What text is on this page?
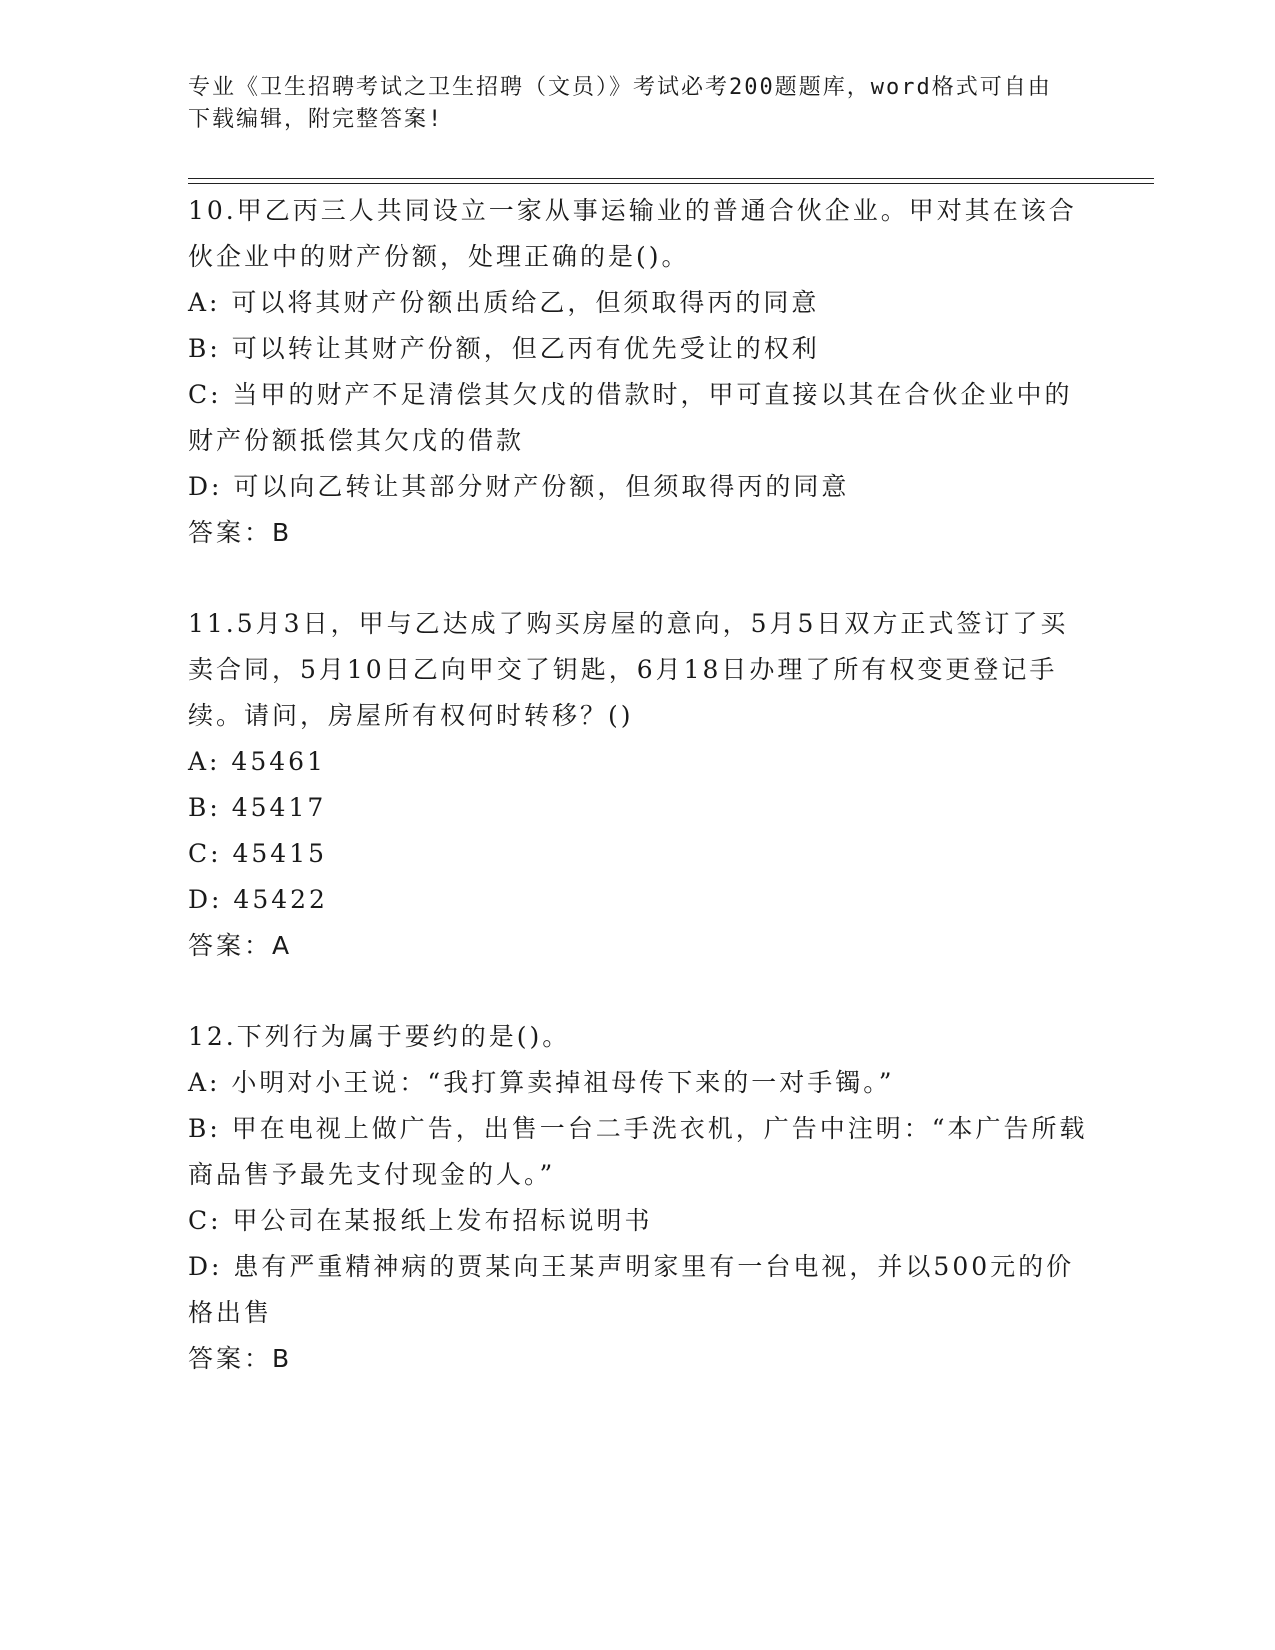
专业《卫生招聘考试之卫生招聘（文员）》考试必考200题题库，word格式可自由下载编辑，附完整答案!

10.甲乙丙三人共同设立一家从事运输业的普通合伙企业。甲对其在该合伙企业中的财产份额，处理正确的是()。

A: 可以将其财产份额出质给乙，但须取得丙的同意

B: 可以转让其财产份额，但乙丙有优先受让的权利

C: 当甲的财产不足清偿其欠戊的借款时，甲可直接以其在合伙企业中的财产份额抵偿其欠戊的借款

D: 可以向乙转让其部分财产份额，但须取得丙的同意

答案：B

11.5月3日，甲与乙达成了购买房屋的意向，5月5日双方正式签订了买卖合同，5月10日乙向甲交了钥匙，6月18日办理了所有权变更登记手续。请问，房屋所有权何时转移？()

A: 45461

B: 45417

C: 45415

D: 45422

答案：A

12.下列行为属于要约的是()。

A: 小明对小王说：“我打算卖掉祖母传下来的一对手镯。”

B: 甲在电视上做广告，出售一台二手洗衣机，广告中注明：“本广告所载商品售予最先支付现金的人。”

C: 甲公司在某报纸上发布招标说明书

D: 患有严重精神病的贾某向王某声明家里有一台电视，并以500元的价格出售

答案：B
